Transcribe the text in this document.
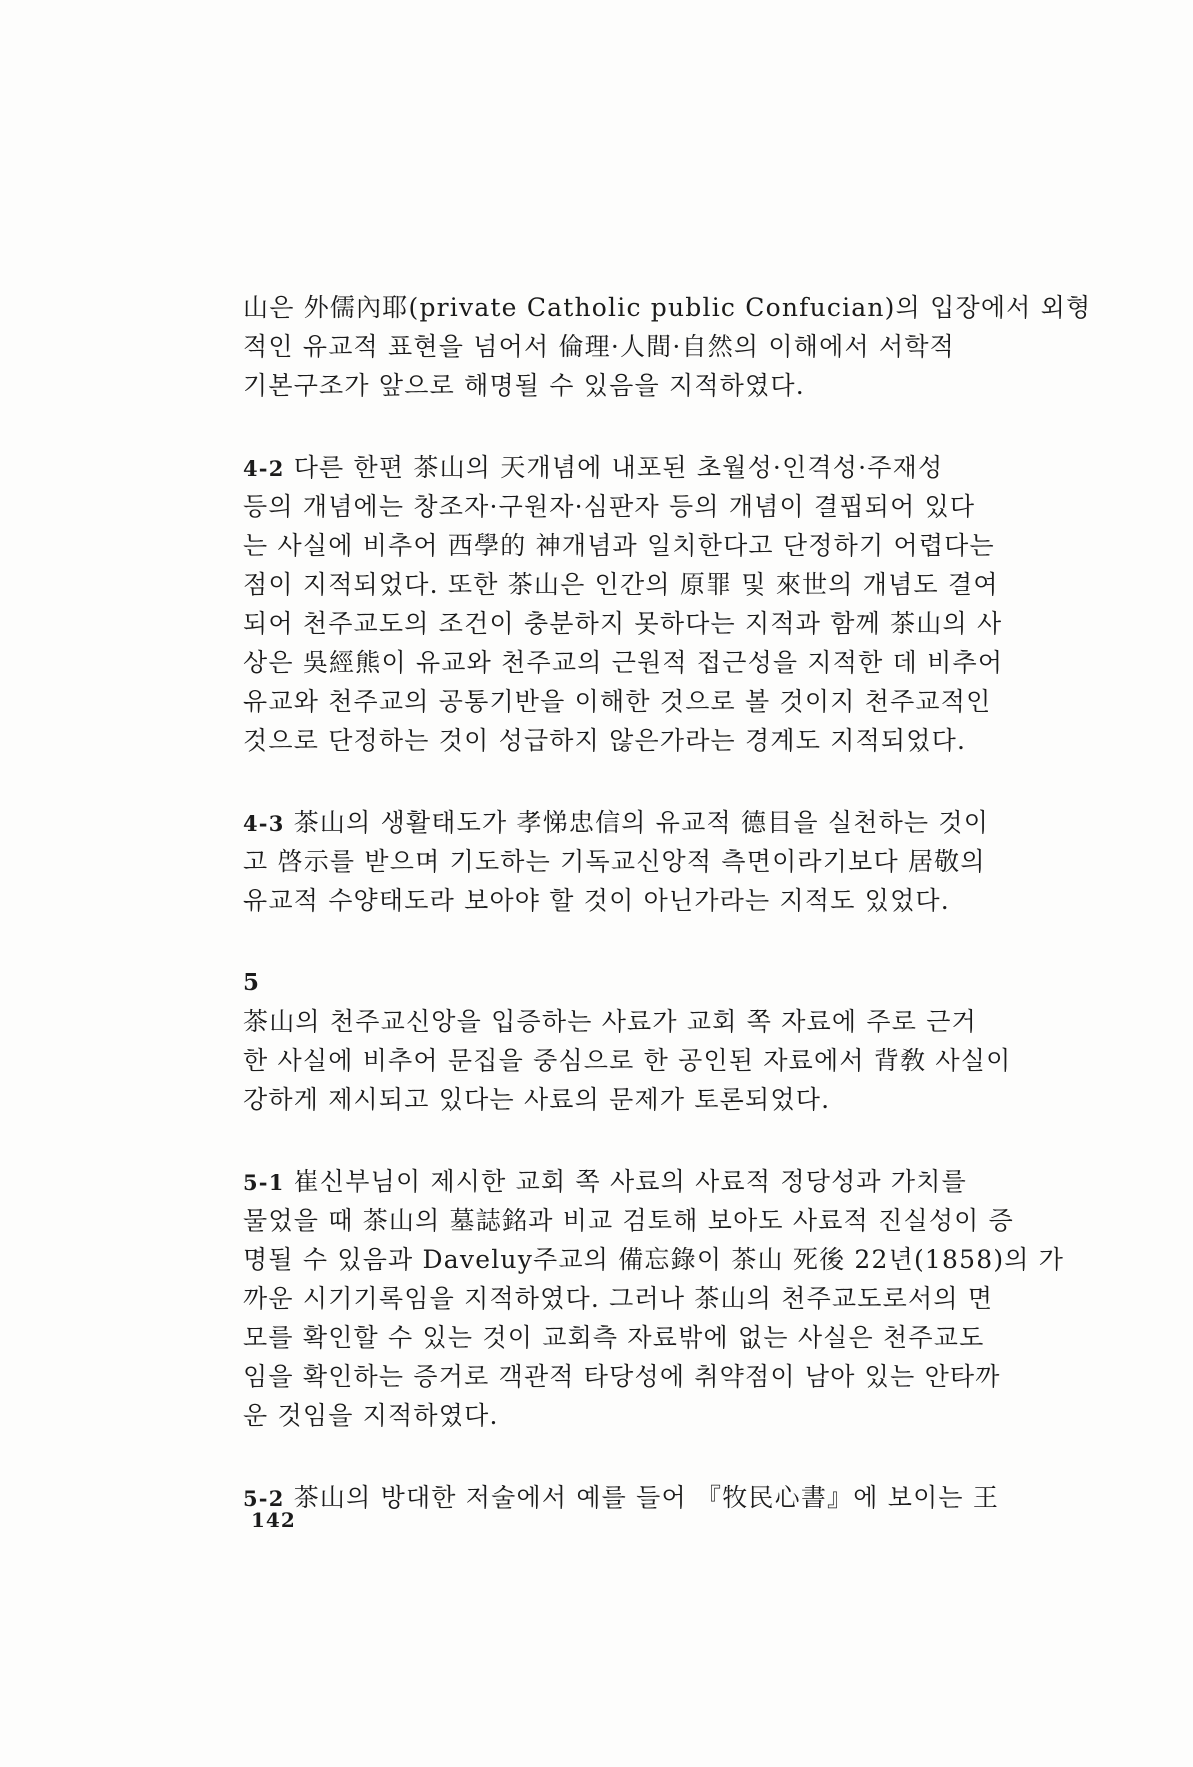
山은 外儒內耶(private Catholic public Confucian)의 입장에서 외형
적인 유교적 표현을 넘어서 倫理·人間·自然의 이해에서 서학적
기본구조가 앞으로 해명될 수 있음을 지적하였다.
4-2 다른 한편 茶山의 天개념에 내포된 초월성·인격성·주재성
등의 개념에는 창조자·구원자·심판자 등의 개념이 결핍되어 있다
는 사실에 비추어 西學的 神개념과 일치한다고 단정하기 어렵다는
점이 지적되었다. 또한 茶山은 인간의 原罪 및 來世의 개념도 결여
되어 천주교도의 조건이 충분하지 못하다는 지적과 함께 茶山의 사
상은 吳經熊이 유교와 천주교의 근원적 접근성을 지적한 데 비추어
유교와 천주교의 공통기반을 이해한 것으로 볼 것이지 천주교적인
것으로 단정하는 것이 성급하지 않은가라는 경계도 지적되었다.
4-3 茶山의 생활태도가 孝悌忠信의 유교적 德目을 실천하는 것이
고 啓示를 받으며 기도하는 기독교신앙적 측면이라기보다 居敬의
유교적 수양태도라 보아야 할 것이 아닌가라는 지적도 있었다.
5
茶山의 천주교신앙을 입증하는 사료가 교회 쪽 자료에 주로 근거
한 사실에 비추어 문집을 중심으로 한 공인된 자료에서 背敎 사실이
강하게 제시되고 있다는 사료의 문제가 토론되었다.
5-1 崔신부님이 제시한 교회 쪽 사료의 사료적 정당성과 가치를
물었을 때 茶山의 墓誌銘과 비교 검토해 보아도 사료적 진실성이 증
명될 수 있음과 Daveluy주교의 備忘錄이 茶山 死後 22년(1858)의 가
까운 시기기록임을 지적하였다. 그러나 茶山의 천주교도로서의 면
모를 확인할 수 있는 것이 교회측 자료밖에 없는 사실은 천주교도
임을 확인하는 증거로 객관적 타당성에 취약점이 남아 있는 안타까
운 것임을 지적하였다.
5-2 茶山의 방대한 저술에서 예를 들어 『牧民心書』에 보이는 王
142
